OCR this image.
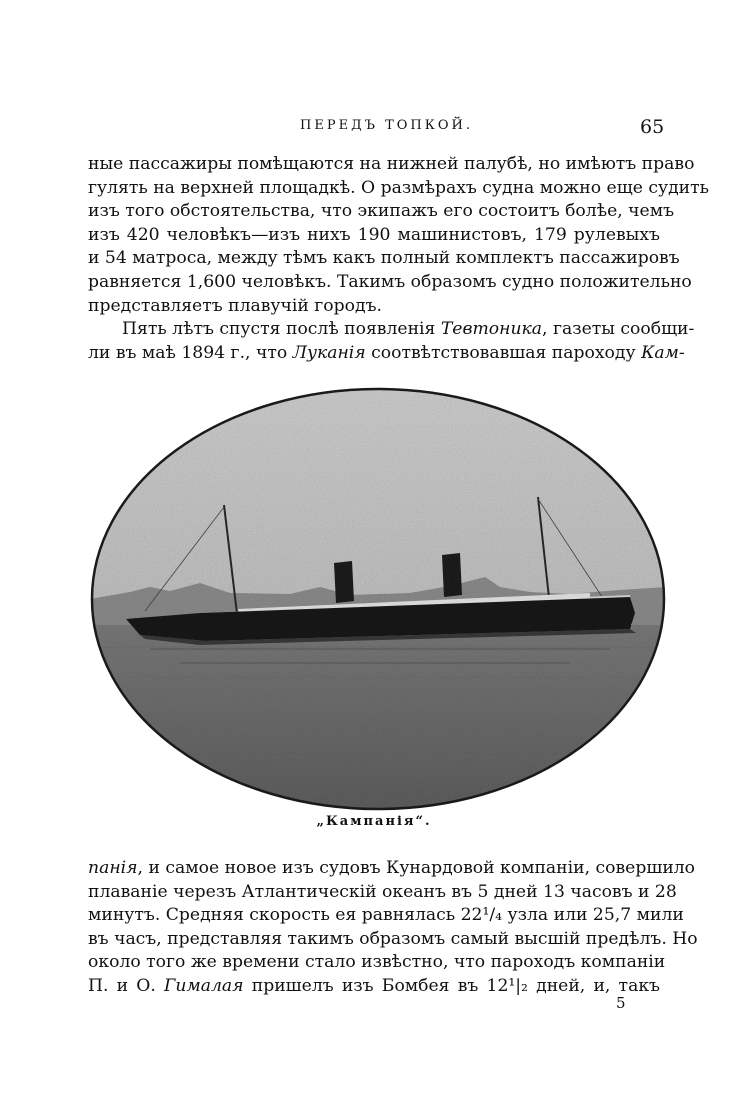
ПЕРЕДЪ ТОПКОЙ.	65
ные пассажиры помѣщаются на нижней палубѣ, но имѣютъ право
гулять на верхней площадкѣ. О размѣрахъ судна можно еще судить
изъ того обстоятельства, что экипажъ его состоитъ болѣе, чемъ
изъ 420 человѣкъ—изъ нихъ 190 машинистовъ, 179 рулевыхъ
и 54 матроса, между тѣмъ какъ полный комплектъ пассажировъ
равняется 1,600 человѣкъ. Такимъ образомъ судно положительно
представляетъ плавучій городъ.
Пять лѣтъ спустя послѣ появленія Тевтоника, газеты сообщи-
ли въ маѣ 1894 г., что Луканія соотвѣтствовавшая пароходу Кам-
„Кампанія“.
панія, и самое новое изъ судовъ Кунардовой компаніи, совершило
плаваніе черезъ Атлантическій океанъ въ 5 дней 13 часовъ и 28
минутъ. Средняя скорость ея равнялась 22¹/₄ узла или 25,7 мили
въ часъ, представляя такимъ образомъ самый высшій предѣлъ. Но
около того же времени стало извѣстно, что пароходъ компаніи
П. и О. Гималая пришелъ изъ Бомбея въ 12¹|₂ дней, и, такъ
5
